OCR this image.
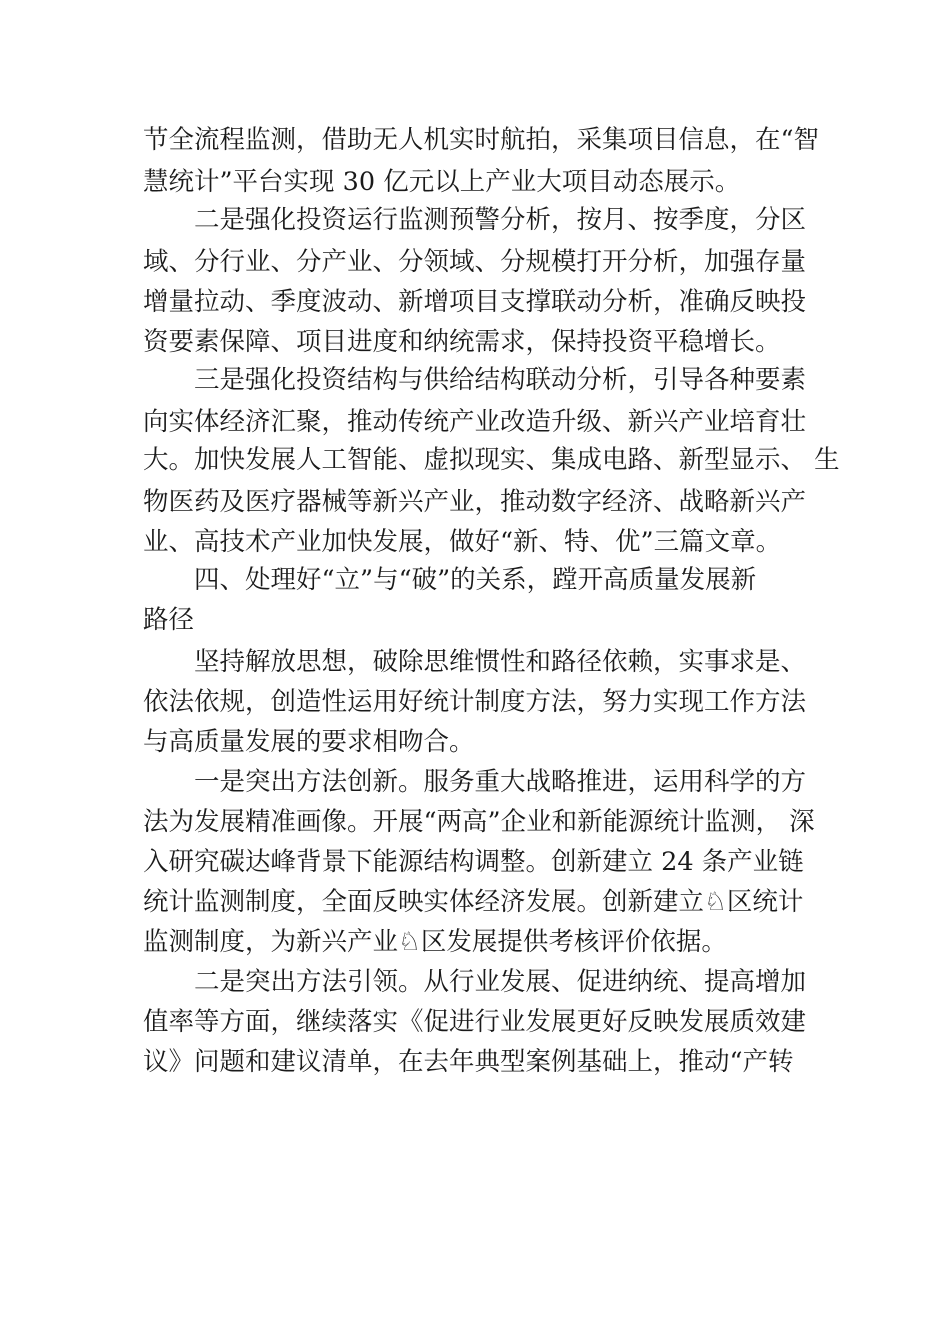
节全流程监测，借助无人机实时航拍，采集项目信息，在“智

慧统计”平台实现 30 亿元以上产业大项目动态展示。

二是强化投资运行监测预警分析，按月、按季度，分区

域、分行业、分产业、分领域、分规模打开分析，加强存量

增量拉动、季度波动、新增项目支撑联动分析，准确反映投

资要素保障、项目进度和纳统需求，保持投资平稳增长。

三是强化投资结构与供给结构联动分析，引导各种要素

向实体经济汇聚，推动传统产业改造升级、新兴产业培育壮

大。加快发展人工智能、虚拟现实、集成电路、新型显示、 生

物医药及医疗器械等新兴产业，推动数字经济、战略新兴产

业、高技术产业加快发展，做好“新、特、优”三篇文章。

四、处理好“立”与“破”的关系，蹚开高质量发展新

路径

坚持解放思想，破除思维惯性和路径依赖，实事求是、

依法依规，创造性运用好统计制度方法，努力实现工作方法

与高质量发展的要求相吻合。

一是突出方法创新。服务重大战略推进，运用科学的方

法为发展精准画像。开展“两高”企业和新能源统计监测， 深

入研究碳达峰背景下能源结构调整。创新建立 24 条产业链

统计监测制度，全面反映实体经济发展。创新建立♘区统计

监测制度，为新兴产业♘区发展提供考核评价依据。

二是突出方法引领。从行业发展、促进纳统、提高增加

值率等方面，继续落实《促进行业发展更好反映发展质效建

议》问题和建议清单，在去年典型案例基础上，推动“产转
